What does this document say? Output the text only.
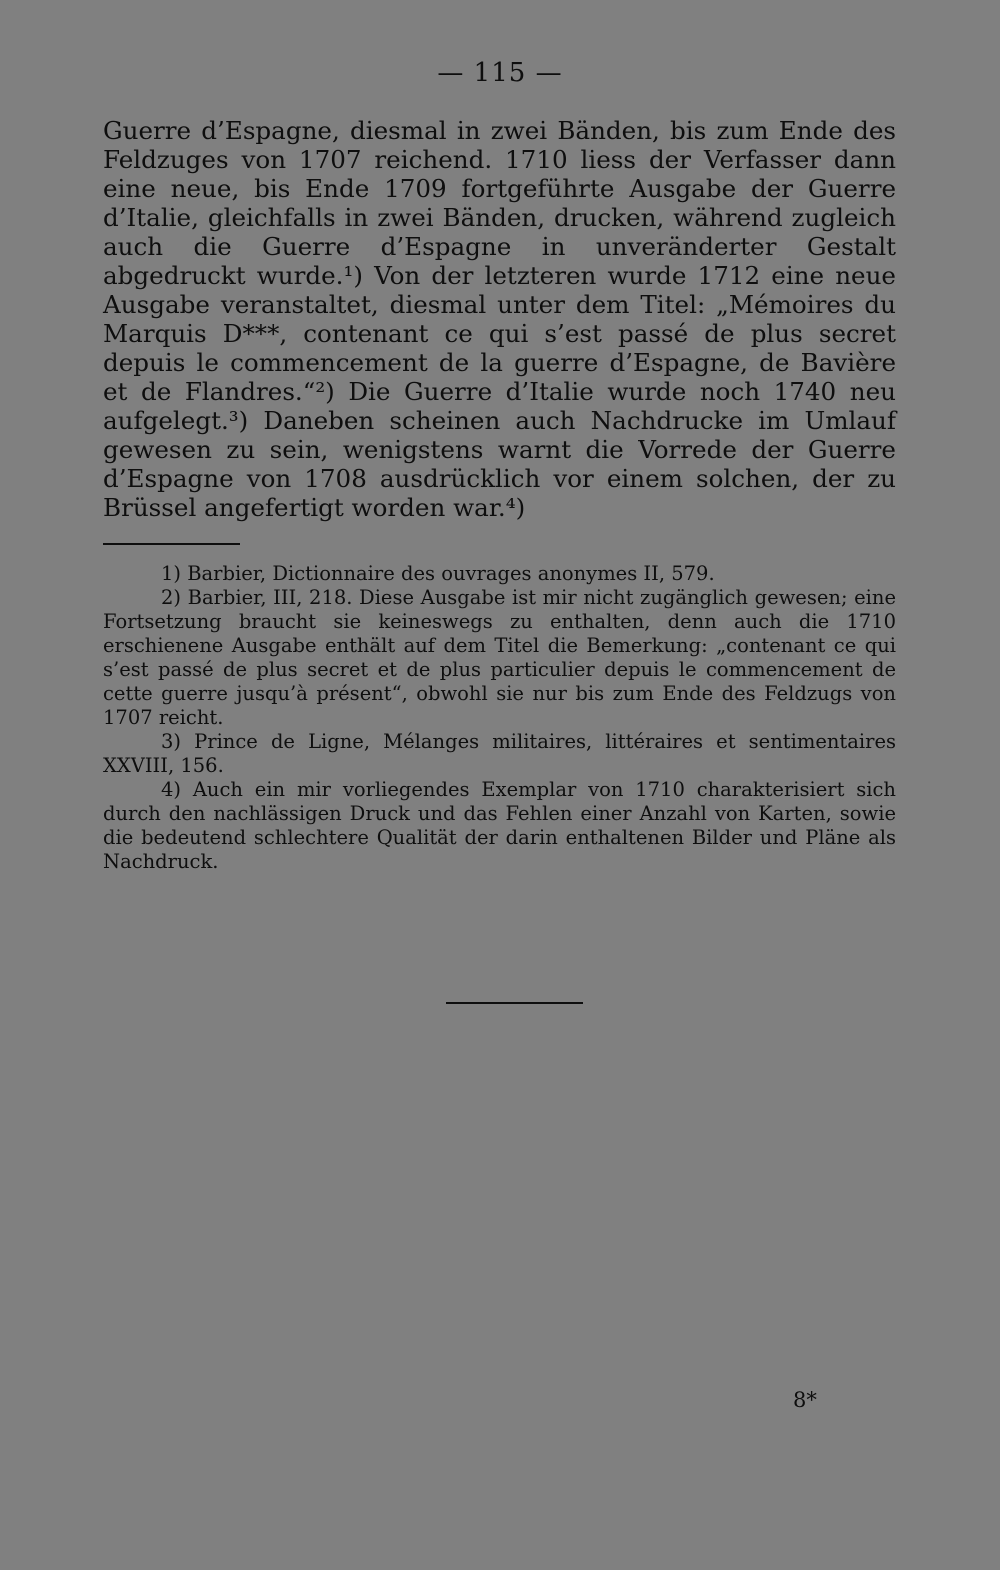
— 115 —

Guerre d’Espagne, diesmal in zwei Bänden, bis zum Ende des Feldzuges von 1707 reichend. 1710 liess der Verfasser dann eine neue, bis Ende 1709 fortgeführte Ausgabe der Guerre d’Italie, gleichfalls in zwei Bänden, drucken, während zugleich auch die Guerre d’Espagne in unveränderter Gestalt abgedruckt wurde.¹) Von der letzteren wurde 1712 eine neue Ausgabe veranstaltet, diesmal unter dem Titel: „Mémoires du Marquis D***, contenant ce qui s’est passé de plus secret depuis le commencement de la guerre d’Espagne, de Bavière et de Flandres.“²) Die Guerre d’Italie wurde noch 1740 neu aufgelegt.³) Daneben scheinen auch Nachdrucke im Umlauf gewesen zu sein, wenigstens warnt die Vorrede der Guerre d’Espagne von 1708 ausdrücklich vor einem solchen, der zu Brüssel angefertigt worden war.⁴)

1) Barbier, Dictionnaire des ouvrages anonymes II, 579.

2) Barbier, III, 218. Diese Ausgabe ist mir nicht zugänglich gewesen; eine Fortsetzung braucht sie keineswegs zu enthalten, denn auch die 1710 erschienene Ausgabe enthält auf dem Titel die Bemerkung: „contenant ce qui s’est passé de plus secret et de plus particulier depuis le commencement de cette guerre jusqu’à présent“, obwohl sie nur bis zum Ende des Feldzugs von 1707 reicht.

3) Prince de Ligne, Mélanges militaires, littéraires et sentimentaires XXVIII, 156.

4) Auch ein mir vorliegendes Exemplar von 1710 charakterisiert sich durch den nachlässigen Druck und das Fehlen einer Anzahl von Karten, sowie die bedeutend schlechtere Qualität der darin enthaltenen Bilder und Pläne als Nachdruck.

8*
